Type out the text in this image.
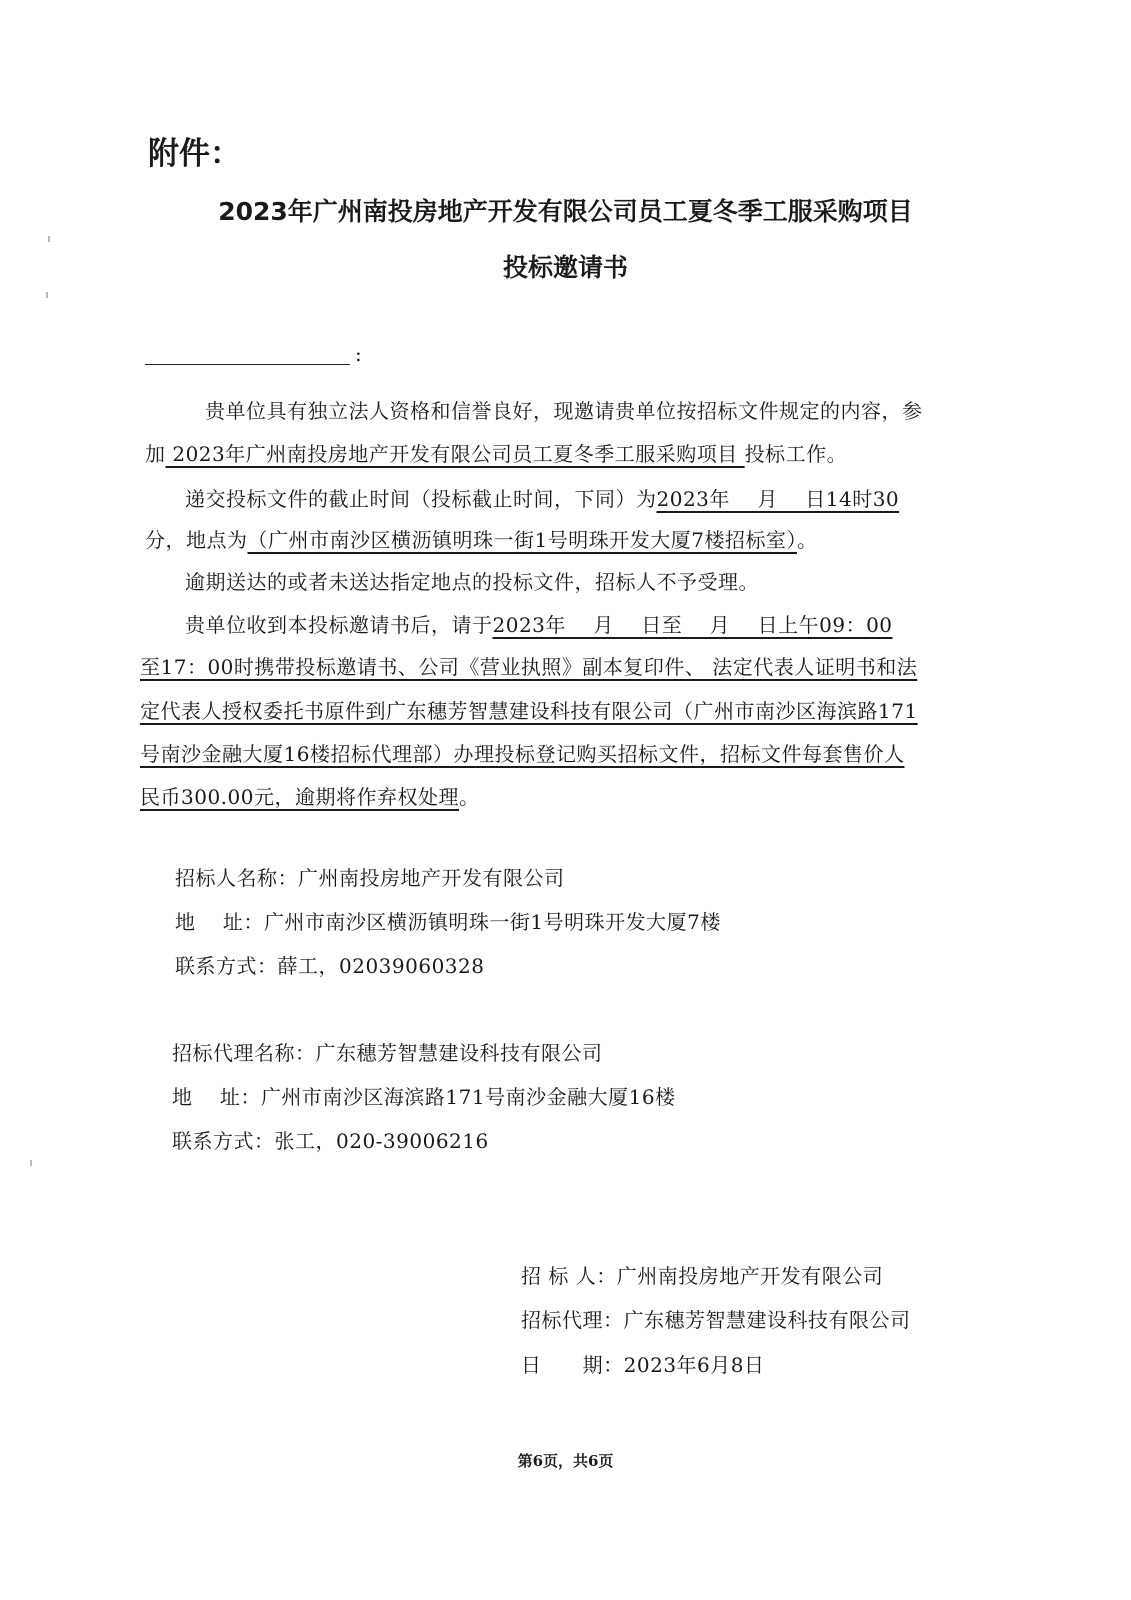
附件：
2023年广州南投房地产开发有限公司员工夏冬季工服采购项目
投标邀请书
:
贵单位具有独立法人资格和信誉良好，现邀请贵单位按招标文件规定的内容，参
加 2023年广州南投房地产开发有限公司员工夏冬季工服采购项目 投标工作。
递交投标文件的截止时间（投标截止时间，下同）为2023年    月    日14时30
分，地点为（广州市南沙区横沥镇明珠一街1号明珠开发大厦7楼招标室）。
逾期送达的或者未送达指定地点的投标文件，招标人不予受理。
贵单位收到本投标邀请书后，请于2023年    月    日至    月    日上午09：00
至17：00时携带投标邀请书、公司《营业执照》副本复印件、 法定代表人证明书和法
定代表人授权委托书原件到广东穗芳智慧建设科技有限公司（广州市南沙区海滨路171
号南沙金融大厦16楼招标代理部）办理投标登记购买招标文件，招标文件每套售价人
民币300.00元，逾期将作弃权处理。
招标人名称：广州南投房地产开发有限公司
地    址：广州市南沙区横沥镇明珠一街1号明珠开发大厦7楼
联系方式：薛工，02039060328
招标代理名称：广东穗芳智慧建设科技有限公司
地    址：广州市南沙区海滨路171号南沙金融大厦16楼
联系方式：张工，020-39006216
招 标 人：广州南投房地产开发有限公司
招标代理：广东穗芳智慧建设科技有限公司
日      期：2023年6月8日
第6页，共6页
